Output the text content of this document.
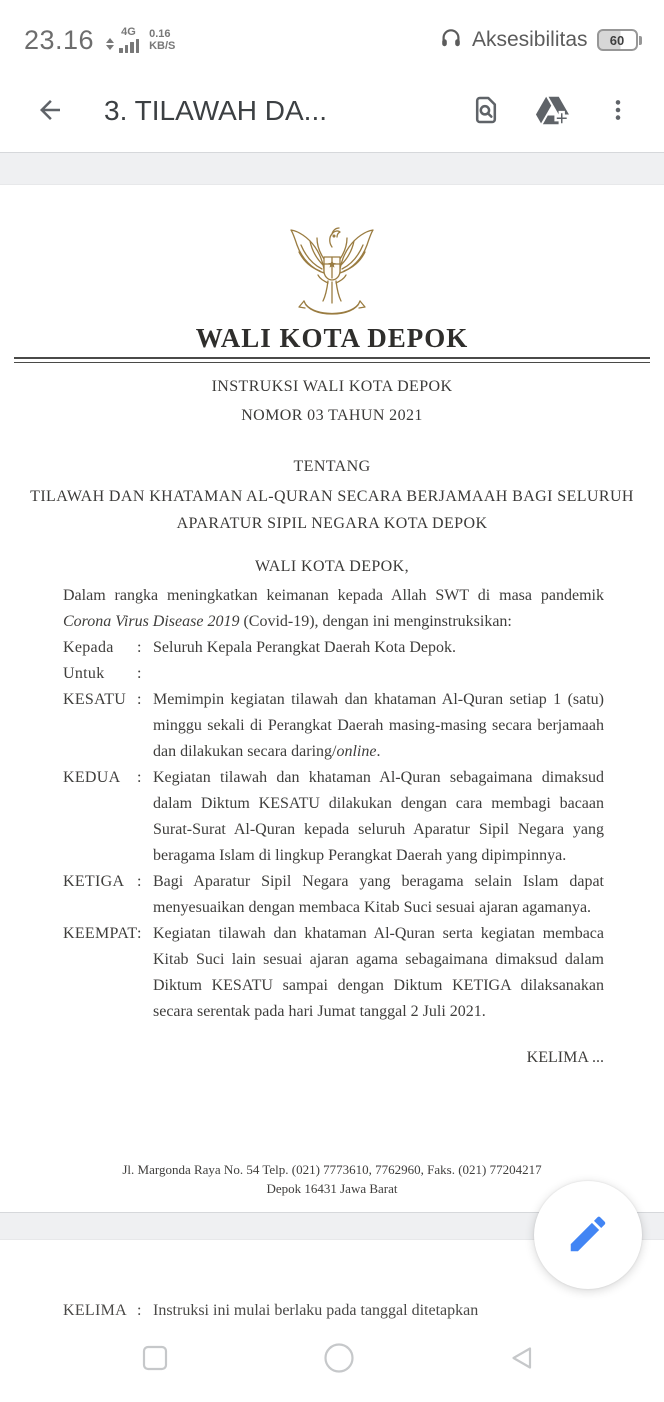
23.16 4G 0.16
KB/S	Aksesibilitas 60
3. TILAWAH DA...
WALI KOTA DEPOK
INSTRUKSI WALI KOTA DEPOK
NOMOR 03 TAHUN 2021
TENTANG
TILAWAH DAN KHATAMAN AL-QURAN SECARA BERJAMAAH BAGI SELURUH
APARATUR SIPIL NEGARA KOTA DEPOK
WALI KOTA DEPOK,

Dalam rangka meningkatkan keimanan kepada Allah SWT di masa pandemik Corona Virus Disease 2019 (Covid-19), dengan ini menginstruksikan:

Kepada	: Seluruh Kepala Perangkat Daerah Kota Depok.
Untuk	:
KESATU : Memimpin kegiatan tilawah dan khataman Al-Quran setiap 1 (satu) minggu sekali di Perangkat Daerah masing-masing secara berjamaah dan dilakukan secara daring/online.
KEDUA	: Kegiatan tilawah dan khataman Al-Quran sebagaimana dimaksud dalam Diktum KESATU dilakukan dengan cara membagi bacaan Surat-Surat Al-Quran kepada seluruh Aparatur Sipil Negara yang beragama Islam di lingkup Perangkat Daerah yang dipimpinnya.
KETIGA : Bagi Aparatur Sipil Negara yang beragama selain Islam dapat menyesuaikan dengan membaca Kitab Suci sesuai ajaran agamanya.
KEEMPAT : Kegiatan tilawah dan khataman Al-Quran serta kegiatan membaca Kitab Suci lain sesuai ajaran agama sebagaimana dimaksud dalam Diktum KESATU sampai dengan Diktum KETIGA dilaksanakan secara serentak pada hari Jumat tanggal 2 Juli 2021.
KELIMA ...
Jl. Margonda Raya No. 54 Telp. (021) 7773610, 7762960, Faks. (021) 77204217
Depok 16431 Jawa Barat
KELIMA : Instruksi ini mulai berlaku pada tanggal ditetapkan
